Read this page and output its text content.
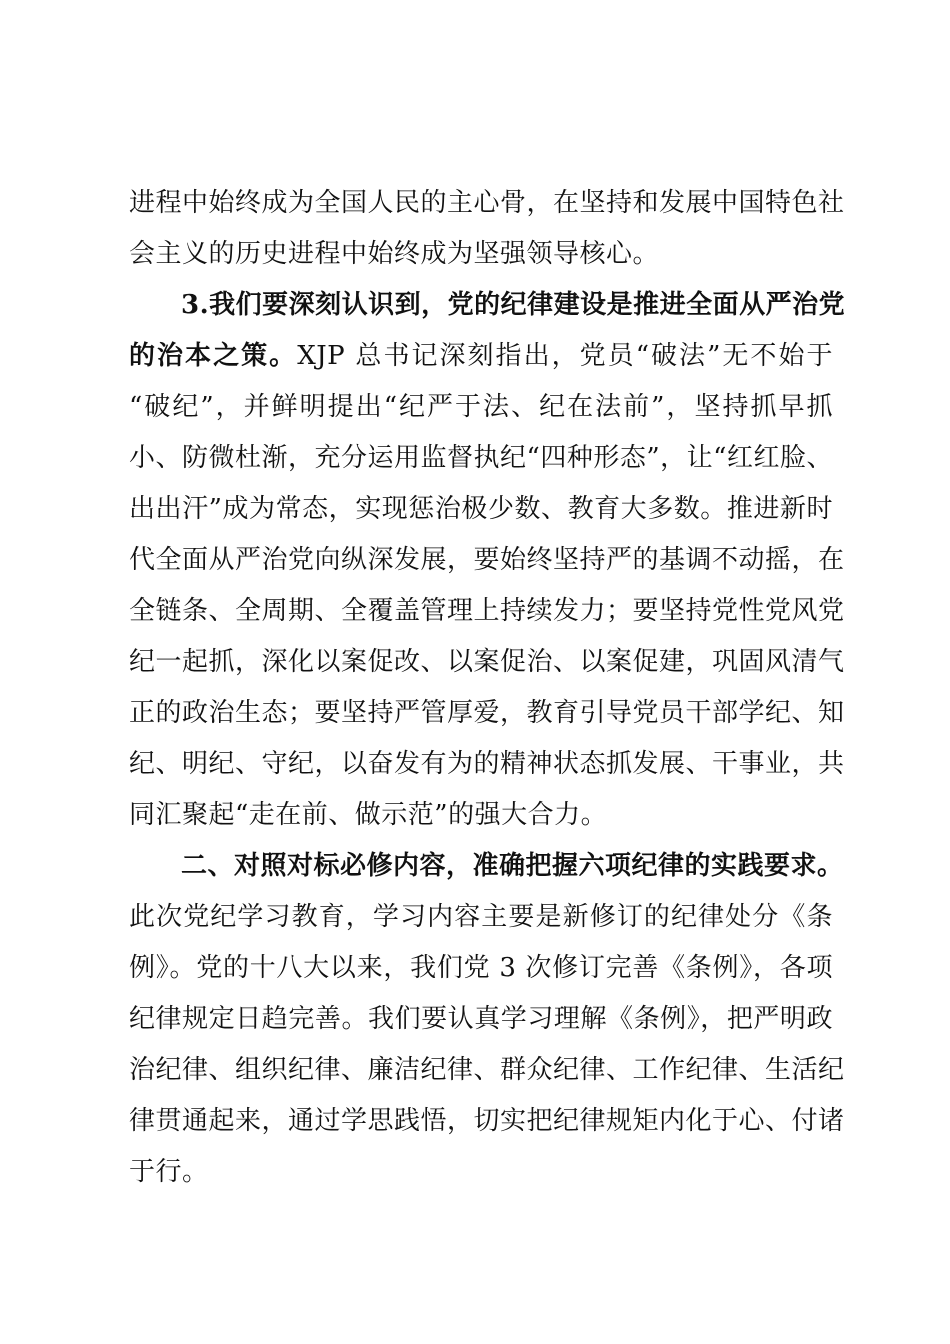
进程中始终成为全国人民的主心骨，在坚持和发展中国特色社
会主义的历史进程中始终成为坚强领导核心。
3.我们要深刻认识到，党的纪律建设是推进全面从严治党
的治本之策。XJP 总书记深刻指出，党员“破法”无不始于
“破纪”，并鲜明提出“纪严于法、纪在法前”，坚持抓早抓
小、防微杜渐，充分运用监督执纪“四种形态”，让“红红脸、
出出汗”成为常态，实现惩治极少数、教育大多数。推进新时
代全面从严治党向纵深发展，要始终坚持严的基调不动摇，在
全链条、全周期、全覆盖管理上持续发力；要坚持党性党风党
纪一起抓，深化以案促改、以案促治、以案促建，巩固风清气
正的政治生态；要坚持严管厚爱，教育引导党员干部学纪、知
纪、明纪、守纪，以奋发有为的精神状态抓发展、干事业，共
同汇聚起“走在前、做示范”的强大合力。
二、对照对标必修内容，准确把握六项纪律的实践要求。
此次党纪学习教育，学习内容主要是新修订的纪律处分《条
例》。党的十八大以来，我们党 3 次修订完善《条例》，各项
纪律规定日趋完善。我们要认真学习理解《条例》，把严明政
治纪律、组织纪律、廉洁纪律、群众纪律、工作纪律、生活纪
律贯通起来，通过学思践悟，切实把纪律规矩内化于心、付诸
于行。
